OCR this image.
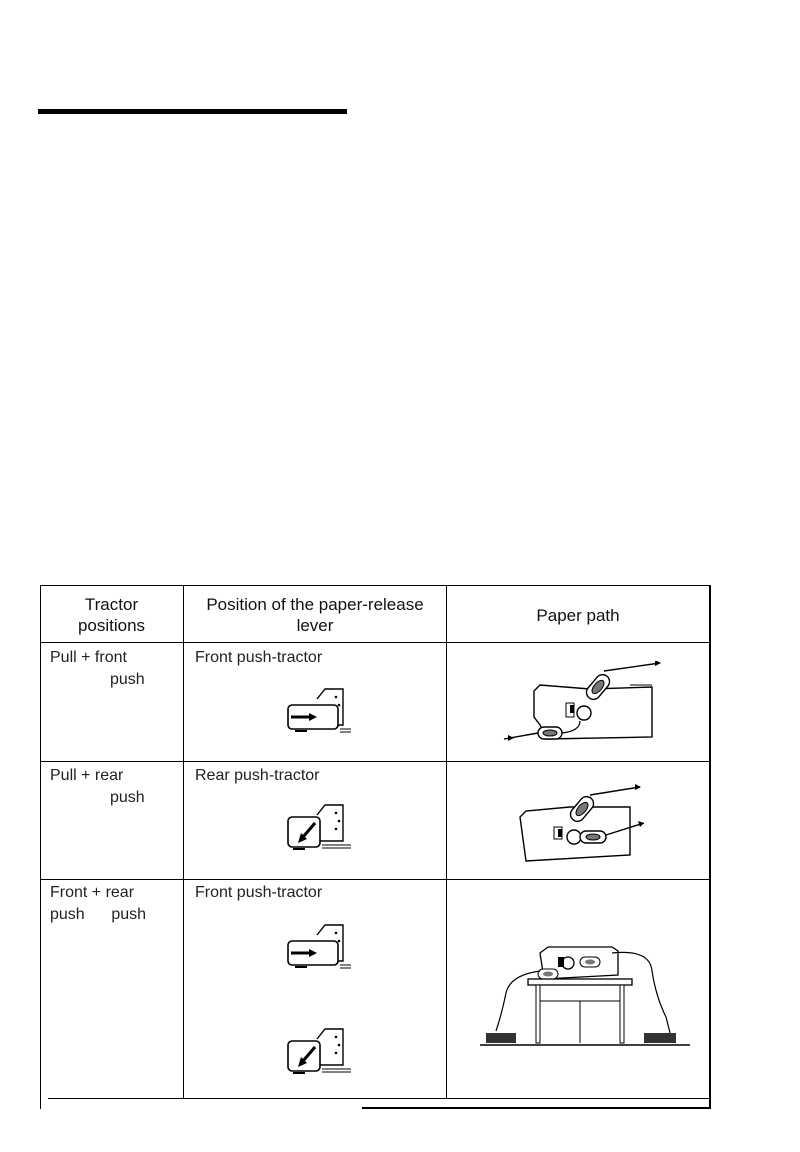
Tractor
positions
Position of the paper-release
lever
Paper path
Pull + front
push
Front push-tractor
Pull + rear
push
Rear push-tractor
Front + rear
push      push
Front push-tractor
